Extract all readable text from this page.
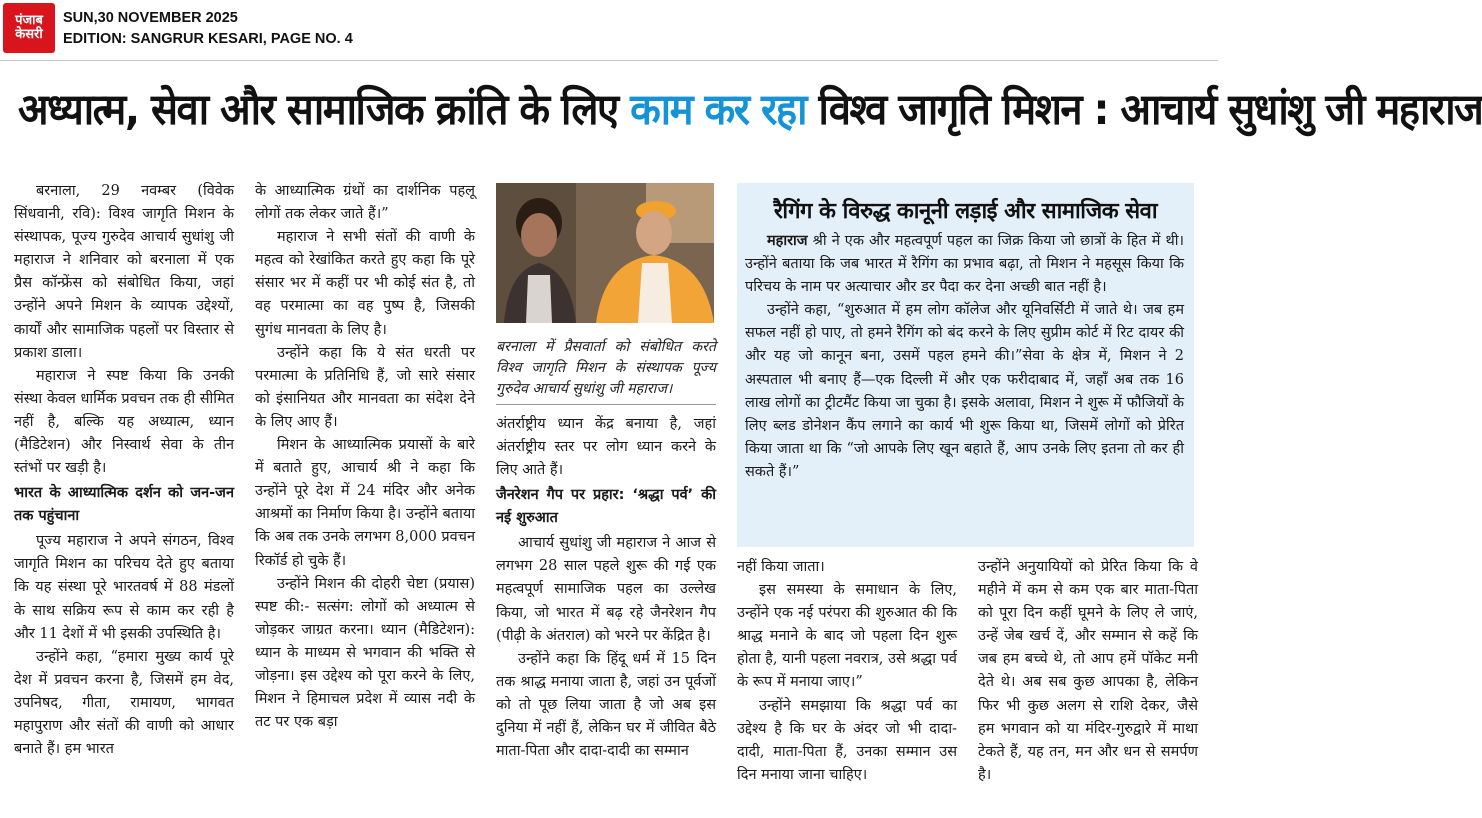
पंजाब
केसरी
SUN,30 NOVEMBER 2025
EDITION: SANGRUR KESARI, PAGE NO. 4
अध्यात्म, सेवा और सामाजिक क्रांति के लिए काम कर रहा विश्व जागृति मिशन : आचार्य सुधांशु जी महाराज

बरनाला, 29 नवम्बर (विवेक सिंधवानी, रवि): विश्व जागृति मिशन के संस्थापक, पूज्य गुरुदेव आचार्य सुधांशु जी महाराज ने शनिवार को बरनाला में एक प्रैस कॉन्फ्रेंस को संबोधित किया, जहां उन्होंने अपने मिशन के व्यापक उद्देश्यों, कार्यों और सामाजिक पहलों पर विस्तार से प्रकाश डाला।

महाराज ने स्पष्ट किया कि उनकी संस्था केवल धार्मिक प्रवचन तक ही सीमित नहीं है, बल्कि यह अध्यात्म, ध्यान (मैडिटेशन) और निस्वार्थ सेवा के तीन स्तंभों पर खड़ी है।

भारत के आध्यात्मिक दर्शन को जन-जन तक पहुंचाना

पूज्य महाराज ने अपने संगठन, विश्व जागृति मिशन का परिचय देते हुए बताया कि यह संस्था पूरे भारतवर्ष में 88 मंडलों के साथ सक्रिय रूप से काम कर रही है और 11 देशों में भी इसकी उपस्थिति है।

उन्होंने कहा, “हमारा मुख्य कार्य पूरे देश में प्रवचन करना है, जिसमें हम वेद, उपनिषद, गीता, रामायण, भागवत महापुराण और संतों की वाणी को आधार बनाते हैं। हम भारत

के आध्यात्मिक ग्रंथों का दार्शनिक पहलू लोगों तक लेकर जाते हैं।”

महाराज ने सभी संतों की वाणी के महत्व को रेखांकित करते हुए कहा कि पूरे संसार भर में कहीं पर भी कोई संत है, तो वह परमात्मा का वह पुष्प है, जिसकी सुगंध मानवता के लिए है।

उन्होंने कहा कि ये संत धरती पर परमात्मा के प्रतिनिधि हैं, जो सारे संसार को इंसानियत और मानवता का संदेश देने के लिए आए हैं।

मिशन के आध्यात्मिक प्रयासों के बारे में बताते हुए, आचार्य श्री ने कहा कि उन्होंने पूरे देश में 24 मंदिर और अनेक आश्रमों का निर्माण किया है। उन्होंने बताया कि अब तक उनके लगभग 8,000 प्रवचन रिकॉर्ड हो चुके हैं।

उन्होंने मिशन की दोहरी चेष्टा (प्रयास) स्पष्ट की:- सत्संग: लोगों को अध्यात्म से जोड़कर जाग्रत करना। ध्यान (मैडिटेशन): ध्यान के माध्यम से भगवान की भक्ति से जोड़ना। इस उद्देश्य को पूरा करने के लिए, मिशन ने हिमाचल प्रदेश में व्यास नदी के तट पर एक बड़ा

बरनाला में प्रैसवार्ता को संबोधित करते विश्व जागृति मिशन के संस्थापक पूज्य गुरुदेव आचार्य सुधांशु जी महाराज।

अंतर्राष्ट्रीय ध्यान केंद्र बनाया है, जहां अंतर्राष्ट्रीय स्तर पर लोग ध्यान करने के लिए आते हैं।

जैनरेशन गैप पर प्रहार: ‘श्रद्धा पर्व’ की नई शुरुआत

आचार्य सुधांशु जी महाराज ने आज से लगभग 28 साल पहले शुरू की गई एक महत्वपूर्ण सामाजिक पहल का उल्लेख किया, जो भारत में बढ़ रहे जैनरेशन गैप (पीढ़ी के अंतराल) को भरने पर केंद्रित है।

उन्होंने कहा कि हिंदू धर्म में 15 दिन तक श्राद्ध मनाया जाता है, जहां उन पूर्वजों को तो पूछ लिया जाता है जो अब इस दुनिया में नहीं हैं, लेकिन घर में जीवित बैठे माता-पिता और दादा-दादी का सम्मान

रैगिंग के विरुद्ध कानूनी लड़ाई और सामाजिक सेवा

महाराज श्री ने एक और महत्वपूर्ण पहल का जिक्र किया जो छात्रों के हित में थी। उन्होंने बताया कि जब भारत में रैगिंग का प्रभाव बढ़ा, तो मिशन ने महसूस किया कि परिचय के नाम पर अत्याचार और डर पैदा कर देना अच्छी बात नहीं है।

उन्होंने कहा, “शुरुआत में हम लोग कॉलेज और यूनिवर्सिटी में जाते थे। जब हम सफल नहीं हो पाए, तो हमने रैगिंग को बंद करने के लिए सुप्रीम कोर्ट में रिट दायर की और यह जो कानून बना, उसमें पहल हमने की।”सेवा के क्षेत्र में, मिशन ने 2 अस्पताल भी बनाए हैं—एक दिल्ली में और एक फरीदाबाद में, जहाँ अब तक 16 लाख लोगों का ट्रीटमैंट किया जा चुका है। इसके अलावा, मिशन ने शुरू में फौजियों के लिए ब्लड डोनेशन कैंप लगाने का कार्य भी शुरू किया था, जिसमें लोगों को प्रेरित किया जाता था कि “जो आपके लिए खून बहाते हैं, आप उनके लिए इतना तो कर ही सकते हैं।”

नहीं किया जाता।

इस समस्या के समाधान के लिए, उन्होंने एक नई परंपरा की शुरुआत की कि श्राद्ध मनाने के बाद जो पहला दिन शुरू होता है, यानी पहला नवरात्र, उसे श्रद्धा पर्व के रूप में मनाया जाए।”

उन्होंने समझाया कि श्रद्धा पर्व का उद्देश्य है कि घर के अंदर जो भी दादा-दादी, माता-पिता हैं, उनका सम्मान उस दिन मनाया जाना चाहिए।

उन्होंने अनुयायियों को प्रेरित किया कि वे महीने में कम से कम एक बार माता-पिता को पूरा दिन कहीं घूमने के लिए ले जाएं, उन्हें जेब खर्च दें, और सम्मान से कहें कि जब हम बच्चे थे, तो आप हमें पॉकेट मनी देते थे। अब सब कुछ आपका है, लेकिन फिर भी कुछ अलग से राशि देकर, जैसे हम भगवान को या मंदिर-गुरुद्वारे में माथा टेकते हैं, यह तन, मन और धन से समर्पण है।
